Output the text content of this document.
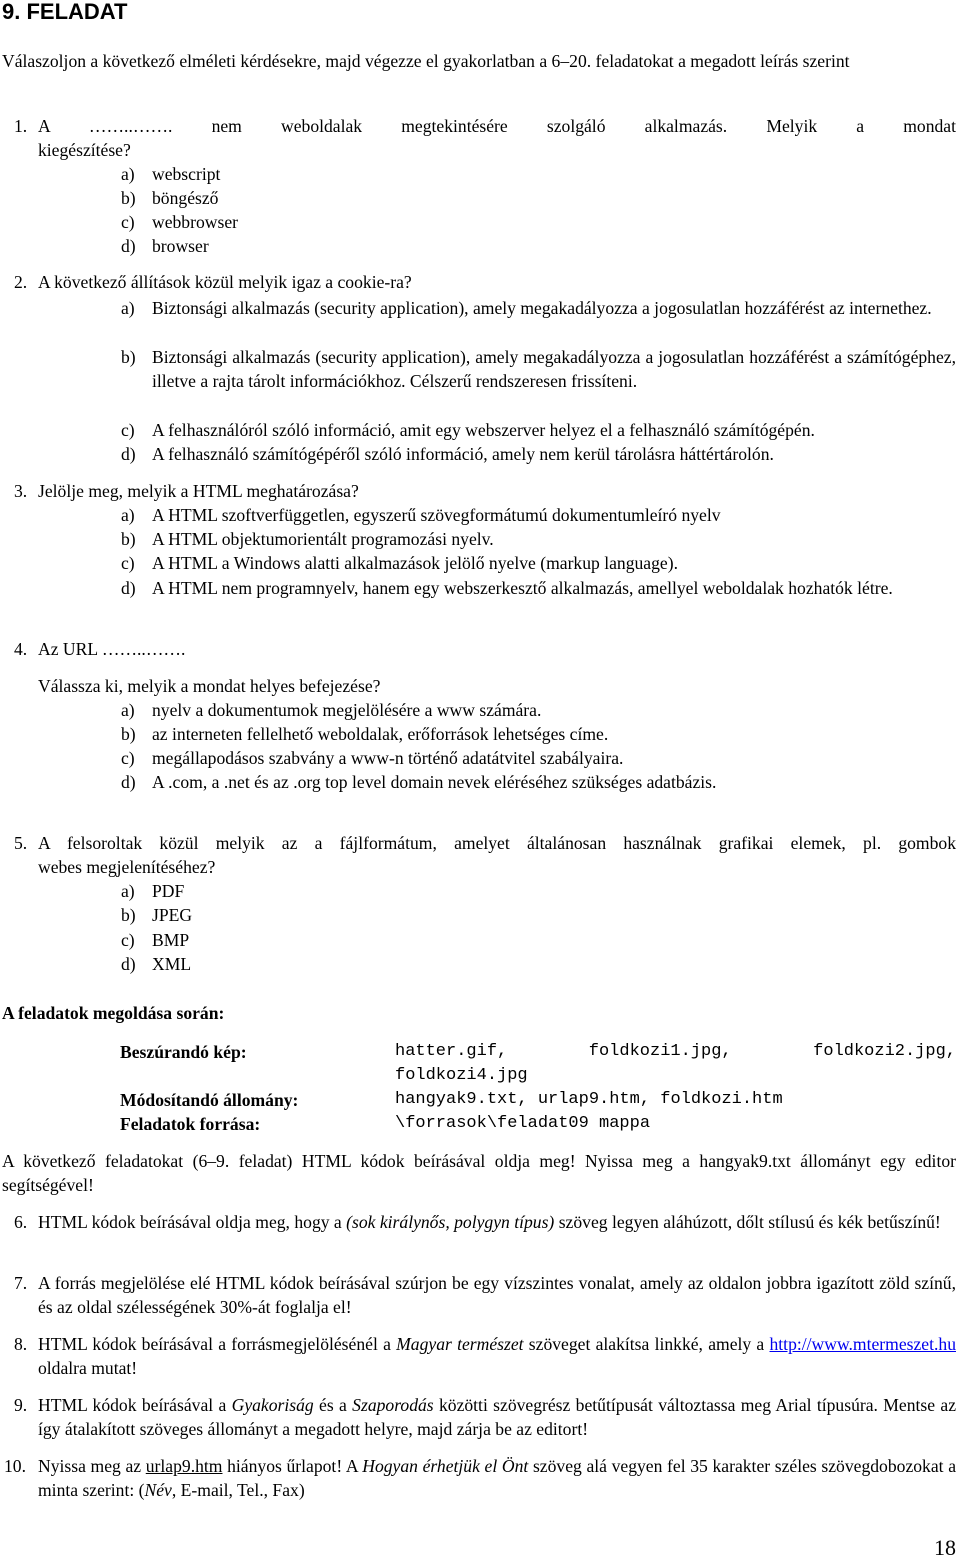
9. FELADAT
Válaszoljon a következő elméleti kérdésekre, majd végezze el gyakorlatban a 6–20. feladatokat a megadott leírás szerint
1. A ……..……. nem weboldalak megtekintésére szolgáló alkalmazás. Melyik a mondat
kiegészítése?
a) webscript
b) böngésző
c) webbrowser
d) browser
2. A következő állítások közül melyik igaz a cookie-ra?
a) Biztonsági alkalmazás (security application), amely megakadályozza a jogosulatlan hozzáférést az internethez.
b) Biztonsági alkalmazás (security application), amely megakadályozza a jogosulatlan hozzáférést a számítógéphez, illetve a rajta tárolt információkhoz. Célszerű rendszeresen frissíteni.
c) A felhasználóról szóló információ, amit egy webszerver helyez el a felhasználó számítógépén.
d) A felhasználó számítógépéről szóló információ, amely nem kerül tárolásra háttértárolón.
3. Jelölje meg, melyik a HTML meghatározása?
a) A HTML szoftverfüggetlen, egyszerű szövegformátumú dokumentumleíró nyelv
b) A HTML objektumorientált programozási nyelv.
c) A HTML a Windows alatti alkalmazások jelölő nyelve (markup language).
d) A HTML nem programnyelv, hanem egy webszerkesztő alkalmazás, amellyel weboldalak hozhatók létre.
4. Az URL ……..…….
Válassza ki, melyik a mondat helyes befejezése?
a) nyelv a dokumentumok megjelölésére a www számára.
b) az interneten fellelhető weboldalak, erőforrások lehetséges címe.
c) megállapodásos szabvány a www-n történő adatátvitel szabályaira.
d) A .com, a .net és az .org top level domain nevek eléréséhez szükséges adatbázis.
5. A felsoroltak közül melyik az a fájlformátum, amelyet általánosan használnak grafikai elemek, pl. gombok
webes megjelenítéséhez?
a) PDF
b) JPEG
c) BMP
d) XML
A feladatok megoldása során:
Beszúrandó kép:	hatter.gif, foldkozi1.jpg, foldkozi2.jpg,
foldkozi4.jpg
Módosítandó állomány:	hangyak9.txt, urlap9.htm, foldkozi.htm
Feladatok forrása:	\forrasok\feladat09 mappa
A következő feladatokat (6–9. feladat) HTML kódok beírásával oldja meg! Nyissa meg a hangyak9.txt állományt egy editor segítségével!
6. HTML kódok beírásával oldja meg, hogy a (sok királynős, polygyn típus) szöveg legyen aláhúzott, dőlt stílusú és kék betűszínű!
7. A forrás megjelölése elé HTML kódok beírásával szúrjon be egy vízszintes vonalat, amely az oldalon jobbra igazított zöld színű, és az oldal szélességének 30%-át foglalja el!
8. HTML kódok beírásával a forrásmegjelölésénél a Magyar természet szöveget alakítsa linkké, amely a http://www.mtermeszet.hu oldalra mutat!
9. HTML kódok beírásával a Gyakoriság és a Szaporodás közötti szövegrész betűtípusát változtassa meg Arial típusúra. Mentse az így átalakított szöveges állományt a megadott helyre, majd zárja be az editort!
10. Nyissa meg az urlap9.htm hiányos űrlapot! A Hogyan érhetjük el Önt szöveg alá vegyen fel 35 karakter széles szövegdobozokat a minta szerint: (Név, E-mail, Tel., Fax)
18
